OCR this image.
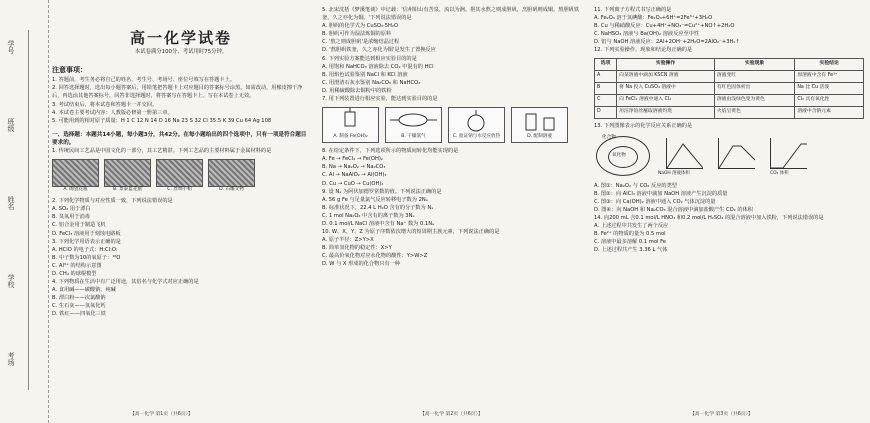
学号
班级
姓名
学校
考场
高一化学试卷
本试卷满分100分，考试用时75分钟。
注意事项：

1. 答题前，考生务必将自己的姓名、考生号、考场号、座位号填写在答题卡上。

2. 回答选择题时，选出每小题答案后，用铅笔把答题卡上对应题目的答案标号涂黑。如需改动，用橡皮擦干净后，再选涂其他答案标号。回答非选择题时，将答案写在答题卡上。写在本试卷上无效。

3. 考试结束后，将本试卷和答题卡一并交回。

4. 本试卷主要考试内容：人教版必修第一册第三章。

5. 可能用到的相对原子质量：H 1 C 12 N 14 O 16 Na 23 S 32 Cl 35.5 K 39 Cu 64 Ag 108

一、选择题：本题共14小题，每小题3分，共42分。在每小题给出的四个选项中，只有一项是符合题目要求的。

1. 传统民间工艺品是中国文化的一部分，其工艺精湛。下列工艺品的主要材料属于金属材料的是

A. 陶瓷花瓶	B. 景泰蓝花瓶	C. 丝绸手帕	D. 石雕文物

2. 下列化学物质与对应性质一致，下列说法错误的是

A. SO₂ 用于漂白

B. 臭氧用于消毒

C. 铝合金用于制造飞机

D. FeCl₃ 溶液用于刻蚀电路板

3. 下列化学用语表示正确的是

A. HClO 的电子式：H:Cl:O:

B. 中子数为10的氧原子：¹⁸O

C. Al³⁺ 的结构示意图

D. CH₄ 的球棍模型

4. 下列物质在生活中有广泛用途，其俗名与化学式对应正确的是

A. 食用碱——碳酸钠、纯碱

B. 漂白粉——次氯酸钠

C. 生石灰——氢氧化钙

D. 铁红——四氧化三铁

【高一化学 第1页（共6页）】

5. 北宋沈括《梦溪笔谈》中记载：'信州铅山有苦泉，流以为涧。挹其水熬之则成胆矾，烹胆矾则成铜。熬胆矾铁釜，久之亦化为铜。'下列说法错误的是

A. 胆矾的化学式为 CuSO₄·5H₂O

B. 胆矾可作为湿法炼铜的原料

C. '熬之则成胆矾'是浓缩结晶过程

D. '熬胆矾铁釜，久之亦化为铜'是发生了置换反应

6. 下列实验方案能达到相应实验目的的是

A. 用饱和 NaHCO₃ 溶液除去 CO₂ 中混有的 HCl

B. 用焰色试验鉴别 NaCl 和 KCl 溶液

C. 用澄清石灰水鉴别 Na₂CO₃ 和 NaHCO₃

D. 用稀硫酸除去铜粉中的铁粉

7. 用下列装置进行相应实验，能达到实验目的的是

A. 制备 Fe(OH)₂	B. 干燥氯气	C. 验证钠与水反应放热	D. 配制溶液

8. 在给定条件下，下列选项所示的物质间转化均能实现的是

A. Fe → FeCl₂ → Fe(OH)₂

B. Na → Na₂O₂ → Na₂CO₃

C. Al → NaAlO₂ → Al(OH)₃

D. Cu → CuO → Cu(OH)₂

9. 设 Nₐ 为阿伏加德罗常数的值。下列说法正确的是

A. 56 g Fe 与足量氯气反应转移电子数为 2Nₐ

B. 标准状况下，22.4 L H₂O 含有的分子数为 Nₐ

C. 1 mol Na₂O₂ 中含有的离子数为 3Nₐ

D. 0.1 mol/L NaCl 溶液中含有 Na⁺ 数为 0.1Nₐ

10. W、X、Y、Z 为原子序数依次增大的短周期主族元素，下列说法正确的是

A. 原子半径：Z>Y>X

B. 简单氢化物的稳定性：X>Y

C. 最高价氧化物对应水化物的酸性：Y>W>Z

D. W 与 X 形成的化合物只有一种

【高一化学 第2页（共6页）】

11. 下列离子方程式书写正确的是

A. Fe₂O₃ 溶于氢碘酸：Fe₂O₃+6H⁺=2Fe³⁺+3H₂O

B. Cu 与稀硝酸反应：Cu+4H⁺+NO₃⁻=Cu²⁺+NO↑+2H₂O

C. NaHSO₄ 溶液与 Ba(OH)₂ 溶液反应至中性

D. 铝与 NaOH 溶液反应：2Al+2OH⁻+2H₂O=2AlO₂⁻+3H₂↑

12. 下列实验操作、现象和结论均正确的是

选项	实验操作	实验现象	实验结论
A	向某溶液中滴加 KSCN 溶液	溶液变红	原溶液中含有 Fe³⁺
B	将 Na 投入 CuSO₄ 溶液中	有红色固体析出	Na 比 Cu 活泼
C	向 FeCl₂ 溶液中通入 Cl₂	溶液由浅绿色变为黄色	Cl₂ 具有氧化性
D	用洁净铂丝蘸取溶液灼烧	火焰呈黄色	溶液中含钠元素

13. 下列图像表示的化学反应关系正确的是

化合物
氧化物
NaOH 溶液体积	CO₂ 体积

A. 图①：Na₂O₂ 与 CO₂ 反应的类型

B. 图②：向 AlCl₃ 溶液中滴加 NaOH 溶液产生沉淀的质量

C. 图③：向 Ca(OH)₂ 溶液中通入 CO₂ 气体沉淀的量

D. 图④：向 NaOH 和 Na₂CO₃ 混合溶液中滴加盐酸产生 CO₂ 的体积

14. 向200 mL 含0.1 mol/L HNO₃ 和0.2 mol/L H₂SO₄ 的混合溶液中加入铁粉，下列说法错误的是

A. 上述过程中共发生了两个反应

B. Fe²⁺ 的物质的量为 0.5 mol

C. 溶液中最多溶解 0.1 mol Fe

D. 上述过程共产生 3.36 L 气体

【高一化学 第3页（共6页）】
